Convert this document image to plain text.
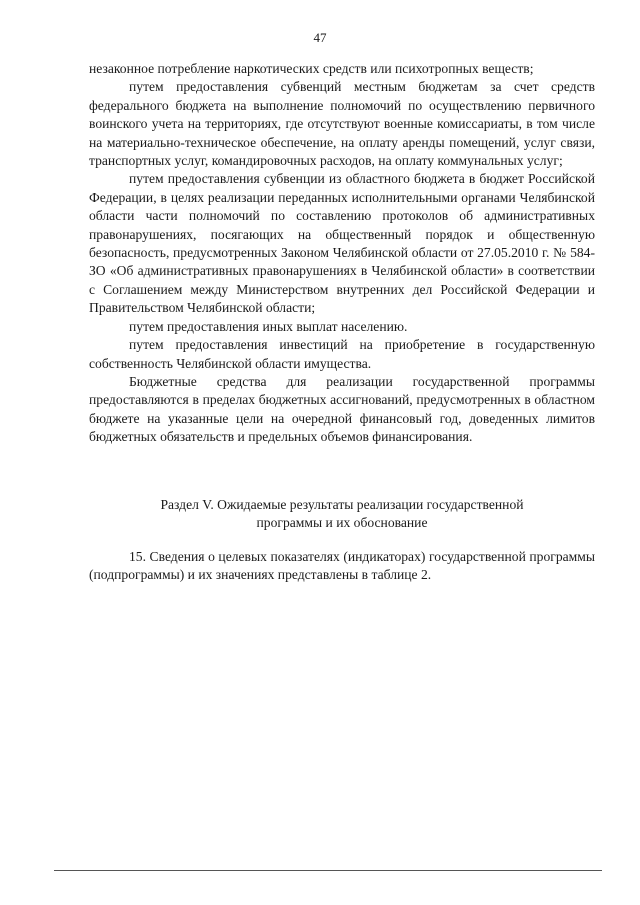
47

незаконное потребление наркотических средств или психотропных веществ;

путем предоставления субвенций местным бюджетам за счет средств федерального бюджета на выполнение полномочий по осуществлению первичного воинского учета на территориях, где отсутствуют военные комиссариаты, в том числе на материально-техническое обеспечение, на оплату аренды помещений, услуг связи, транспортных услуг, командировочных расходов, на оплату коммунальных услуг;

путем предоставления субвенции из областного бюджета в бюджет Российской Федерации, в целях реализации переданных исполнительными органами Челябинской области части полномочий по составлению протоколов об административных правонарушениях, посягающих на общественный порядок и общественную безопасность, предусмотренных Законом Челябинской области от 27.05.2010 г. № 584-ЗО «Об административных правонарушениях в Челябинской области» в соответствии с Соглашением между Министерством внутренних дел Российской Федерации и Правительством Челябинской области;

путем предоставления иных выплат населению.

путем предоставления инвестиций на приобретение в государственную собственность Челябинской области имущества.

Бюджетные средства для реализации государственной программы предоставляются в пределах бюджетных ассигнований, предусмотренных в областном бюджете на указанные цели на очередной финансовый год, доведенных лимитов бюджетных обязательств и предельных объемов финансирования.

Раздел V. Ожидаемые результаты реализации государственной
программы и их обоснование

15. Сведения о целевых показателях (индикаторах) государственной программы (подпрограммы) и их значениях представлены в таблице 2.
